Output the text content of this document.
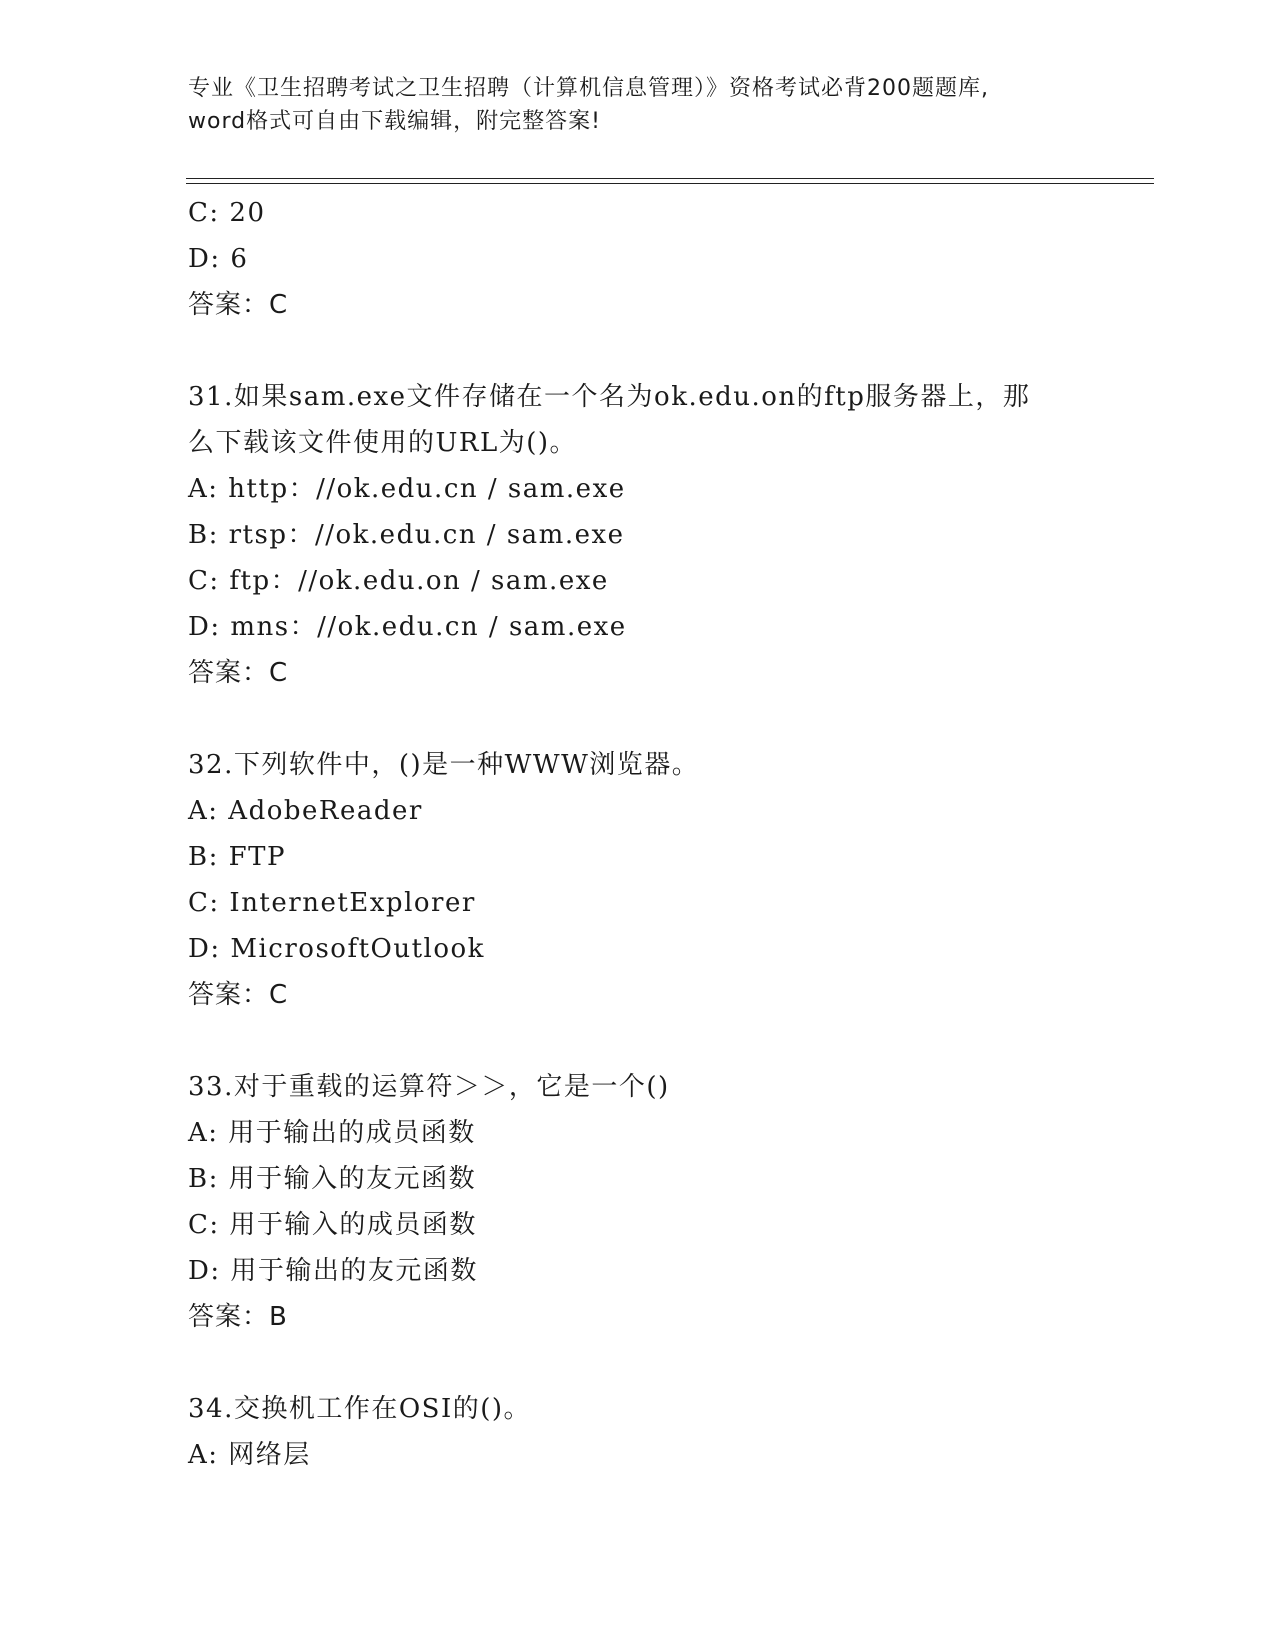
专业《卫生招聘考试之卫生招聘（计算机信息管理）》资格考试必背200题题库,
word格式可自由下载编辑，附完整答案!
C: 20
D: 6
答案：C
31.如果sam.exe文件存储在一个名为ok.edu.on的ftp服务器上，那
么下载该文件使用的URL为()。
A: http：//ok.edu.cn / sam.exe
B: rtsp：//ok.edu.cn / sam.exe
C: ftp：//ok.edu.on / sam.exe
D: mns：//ok.edu.cn / sam.exe
答案：C
32.下列软件中，()是一种WWW浏览器。
A: AdobeReader
B: FTP
C: InternetExplorer
D: MicrosoftOutlook
答案：C
33.对于重载的运算符＞＞，它是一个()
A: 用于输出的成员函数
B: 用于输入的友元函数
C: 用于输入的成员函数
D: 用于输出的友元函数
答案：B
34.交换机工作在OSI的()。
A: 网络层
